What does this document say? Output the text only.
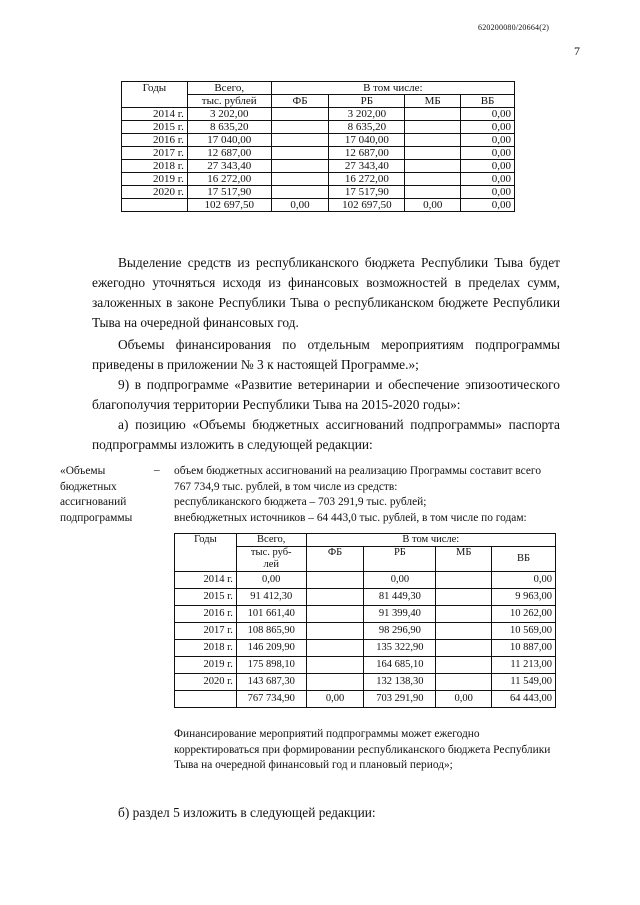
620200080/20664(2)
7
Годы	Всего,	В том числе:			
	тыс. рублей	ФБ	РБ	МБ	ВБ
2014 г.	3 202,00		3 202,00		0,00
2015 г.	8 635,20		8 635,20		0,00
2016 г.	17 040,00		17 040,00		0,00
2017 г.	12 687,00		12 687,00		0,00
2018 г.	27 343,40		27 343,40		0,00
2019 г.	16 272,00		16 272,00		0,00
2020 г.	17 517,90		17 517,90		0,00
	102 697,50	0,00	102 697,50	0,00	0,00
Выделение средств из республиканского бюджета Республики Тыва будет ежегодно уточняться исходя из финансовых возможностей в пределах сумм, заложенных в законе Республики Тыва о республиканском бюджете Республики Тыва на очередной финансовых год.
Объемы финансирования по отдельным мероприятиям подпрограммы приведены в приложении № 3 к настоящей Программе.»;
9) в подпрограмме «Развитие ветеринарии и обеспечение эпизоотического благополучия территории Республики Тыва на 2015-2020 годы»:
а) позицию «Объемы бюджетных ассигнований подпрограммы» паспорта подпрограммы изложить в следующей редакции:
«Объемы бюджетных ассигнований подпрограммы
– объем бюджетных ассигнований на реализацию Программы составит всего
767 734,9 тыс. рублей, в том числе из средств:
республиканского бюджета – 703 291,9 тыс. рублей;
внебюджетных источников – 64 443,0 тыс. рублей, в том числе по годам:
Годы	Всего,	В том числе:			
	тыс. руб-	ФБ	РБ	МБ	ВБ
	лей				
2014 г.	0,00		0,00		0,00
2015 г.	91 412,30		81 449,30		9 963,00
2016 г.	101 661,40		91 399,40		10 262,00
2017 г.	108 865,90		98 296,90		10 569,00
2018 г.	146 209,90		135 322,90		10 887,00
2019 г.	175 898,10		164 685,10		11 213,00
2020 г.	143 687,30		132 138,30		11 549,00
	767 734,90	0,00	703 291,90	0,00	64 443,00
Финансирование мероприятий подпрограммы может ежегодно корректироваться при формировании республиканского бюджета Республики Тыва на очередной финансовый год и плановый период»;
б) раздел 5 изложить в следующей редакции:
